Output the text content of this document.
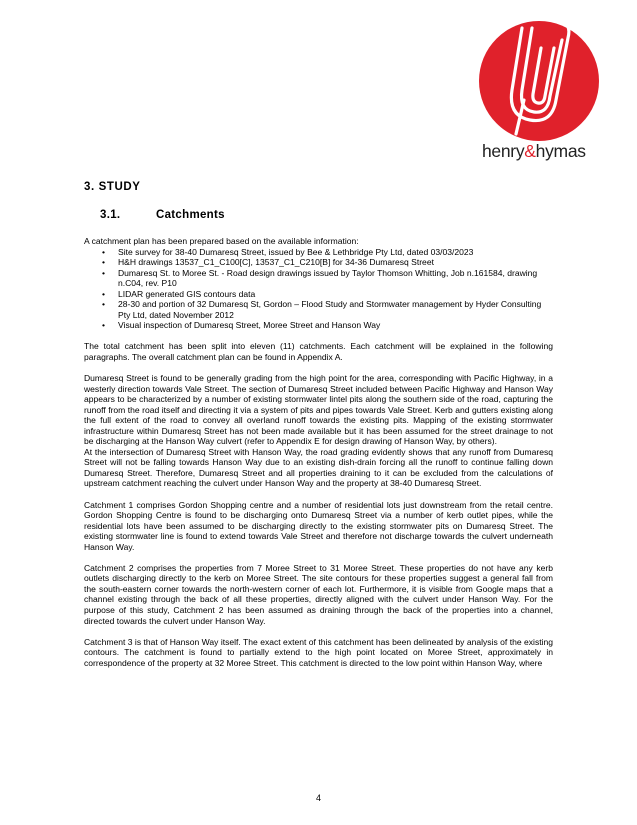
henry&hymas
3. STUDY
3.1.	Catchments

A catchment plan has been prepared based on the available information:

• Site survey for 38-40 Dumaresq Street, issued by Bee & Lethbridge Pty Ltd, dated 03/03/2023
• H&H drawings 13537_C1_C100[C], 13537_C1_C210[B] for 34-36 Dumaresq Street
• Dumaresq St. to Moree St. - Road design drawings issued by Taylor Thomson Whitting, Job n.161584, drawing n.C04, rev. P10
• LIDAR generated GIS contours data
• 28-30 and portion of 32 Dumaresq St, Gordon – Flood Study and Stormwater management by Hyder Consulting Pty Ltd, dated November 2012
• Visual inspection of Dumaresq Street, Moree Street and Hanson Way

The total catchment has been split into eleven (11) catchments. Each catchment will be explained in the following paragraphs. The overall catchment plan can be found in Appendix A.

Dumaresq Street is found to be generally grading from the high point for the area, corresponding with Pacific Highway, in a westerly direction towards Vale Street. The section of Dumaresq Street included between Pacific Highway and Hanson Way appears to be characterized by a number of existing stormwater lintel pits along the southern side of the road, capturing the runoff from the road itself and directing it via a system of pits and pipes towards Vale Street. Kerb and gutters existing along the full extent of the road to convey all overland runoff towards the existing pits. Mapping of the existing stormwater infrastructure within Dumaresq Street has not been made available but it has been assumed for the street drainage to not be discharging at the Hanson Way culvert (refer to Appendix E for design drawing of Hanson Way, by others).

At the intersection of Dumaresq Street with Hanson Way, the road grading evidently shows that any runoff from Dumaresq Street will not be falling towards Hanson Way due to an existing dish-drain forcing all the runoff to continue falling down Dumaresq Street. Therefore, Dumaresq Street and all properties draining to it can be excluded from the calculations of upstream catchment reaching the culvert under Hanson Way and the property at 38-40 Dumaresq Street.

Catchment 1 comprises Gordon Shopping centre and a number of residential lots just downstream from the retail centre. Gordon Shopping Centre is found to be discharging onto Dumaresq Street via a number of kerb outlet pipes, while the residential lots have been assumed to be discharging directly to the existing stormwater pits on Dumaresq Street. The existing stormwater line is found to extend towards Vale Street and therefore not discharge towards the culvert underneath Hanson Way.

Catchment 2 comprises the properties from 7 Moree Street to 31 Moree Street. These properties do not have any kerb outlets discharging directly to the kerb on Moree Street. The site contours for these properties suggest a general fall from the south-eastern corner towards the north-western corner of each lot. Furthermore, it is visible from Google maps that a channel existing through the back of all these properties, directly aligned with the culvert under Hanson Way. For the purpose of this study, Catchment 2 has been assumed as draining through the back of the properties into a channel, directed towards the culvert under Hanson Way.

Catchment 3 is that of Hanson Way itself. The exact extent of this catchment has been delineated by analysis of the existing contours. The catchment is found to partially extend to the high point located on Moree Street, approximately in correspondence of the property at 32 Moree Street. This catchment is directed to the low point within Hanson Way, where

4
